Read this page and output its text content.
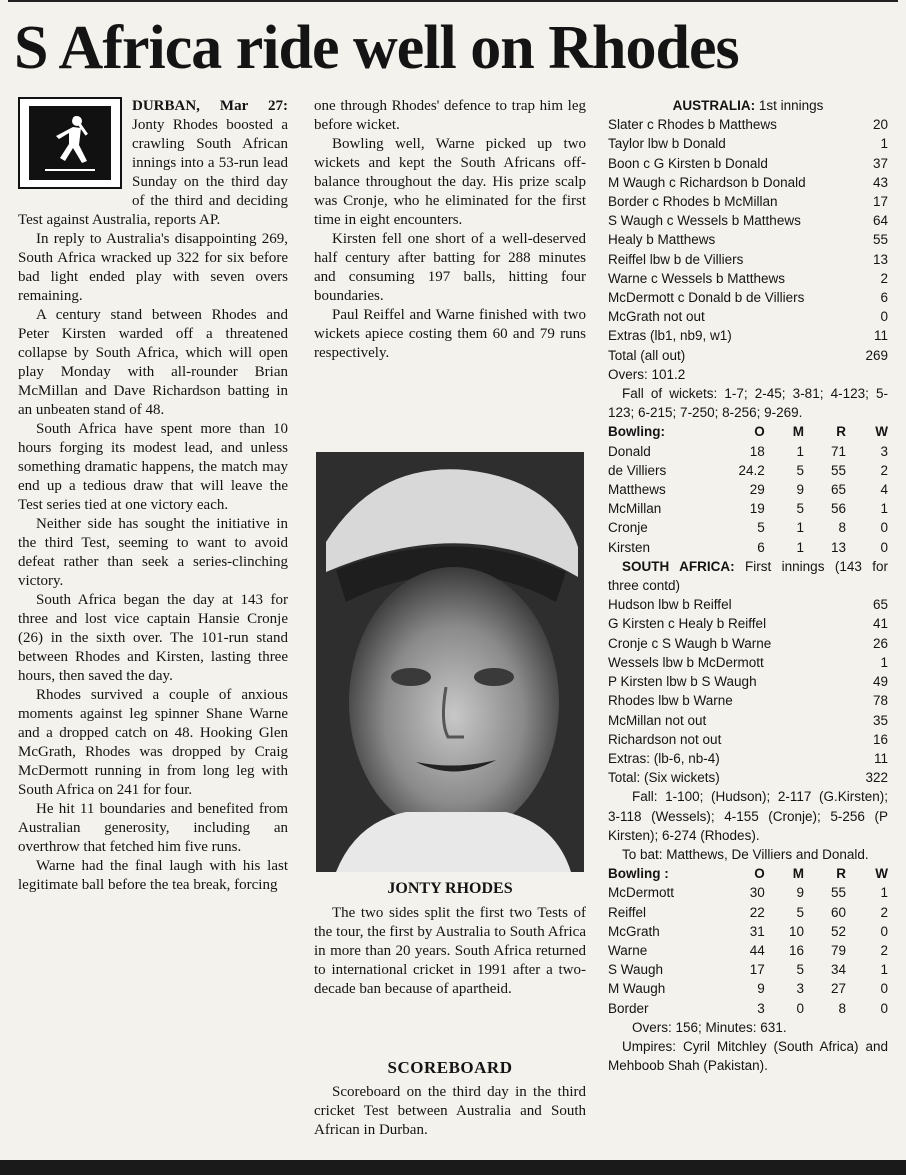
S Africa ride well on Rhodes

DURBAN, Mar 27: Jonty Rhodes boosted a crawling South African innings into a 53-run lead Sunday on the third day of the third and deciding Test against Australia, reports AP.

In reply to Australia's disappointing 269, South Africa wracked up 322 for six before bad light ended play with seven overs remaining.

A century stand between Rhodes and Peter Kirsten warded off a threatened collapse by South Africa, which will open play Monday with all-rounder Brian McMillan and Dave Richardson batting in an unbeaten stand of 48.

South Africa have spent more than 10 hours forging its modest lead, and unless something dramatic happens, the match may end up a tedious draw that will leave the Test series tied at one victory each.

Neither side has sought the initiative in the third Test, seeming to want to avoid defeat rather than seek a series-clinching victory.

South Africa began the day at 143 for three and lost vice captain Hansie Cronje (26) in the sixth over. The 101-run stand between Rhodes and Kirsten, lasting three hours, then saved the day.

Rhodes survived a couple of anxious moments against leg spinner Shane Warne and a dropped catch on 48. Hooking Glen McGrath, Rhodes was dropped by Craig McDermott running in from long leg with South Africa on 241 for four.

He hit 11 boundaries and benefited from Australian generosity, including an overthrow that fetched him five runs.

Warne had the final laugh with his last legitimate ball before the tea break, forcing

one through Rhodes' defence to trap him leg before wicket.

Bowling well, Warne picked up two wickets and kept the South Africans off-balance throughout the day. His prize scalp was Cronje, who he eliminated for the first time in eight encounters.

Kirsten fell one short of a well-deserved half century after batting for 288 minutes and consuming 197 balls, hitting four boundaries.

Paul Reiffel and Warne finished with two wickets apiece costing them 60 and 79 runs respectively.

JONTY RHODES

The two sides split the first two Tests of the tour, the first by Australia to South Africa in more than 20 years. South Africa returned to international cricket in 1991 after a two-decade ban because of apartheid.

SCOREBOARD

Scoreboard on the third day in the third cricket Test between Australia and South African in Durban.

AUSTRALIA: 1st innings
Slater c Rhodes b Matthews	20
Taylor lbw b Donald	1
Boon c G Kirsten b Donald	37
M Waugh c Richardson b Donald	43
Border c Rhodes b McMillan	17
S Waugh c Wessels b Matthews	64
Healy b Matthews	55
Reiffel lbw b de Villiers	13
Warne c Wessels b Matthews	2
McDermott c Donald b de Villiers	6
McGrath not out	0
Extras (lb1, nb9, w1)	11
Total (all out)	269
Overs: 101.2
Fall of wickets: 1-7; 2-45; 3-81; 4-123; 5-123; 6-215; 7-250; 8-256; 9-269.
Bowling:	O	M	R	W
Donald	18	1	71	3
de Villiers	24.2	5	55	2
Matthews	29	9	65	4
McMillan	19	5	56	1
Cronje	5	1	8	0
Kirsten	6	1	13	0
SOUTH AFRICA: First innings (143 for three contd)
Hudson lbw b Reiffel	65
G Kirsten c Healy b Reiffel	41
Cronje c S Waugh b Warne	26
Wessels lbw b McDermott	1
P Kirsten lbw b S Waugh	49
Rhodes lbw b Warne	78
McMillan not out	35
Richardson not out	16
Extras: (lb-6, nb-4)	11
Total: (Six wickets)	322
Fall: 1-100; (Hudson); 2-117 (G.Kirsten); 3-118 (Wessels); 4-155 (Cronje); 5-256 (P Kirsten); 6-274 (Rhodes).
To bat: Matthews, De Villiers and Donald.
Bowling :	O	M	R	W
McDermott	30	9	55	1
Reiffel	22	5	60	2
McGrath	31	10	52	0
Warne	44	16	79	2
S Waugh	17	5	34	1
M Waugh	9	3	27	0
Border	3	0	8	0
Overs: 156; Minutes: 631.
Umpires: Cyril Mitchley (South Africa) and Mehboob Shah (Pakistan).
